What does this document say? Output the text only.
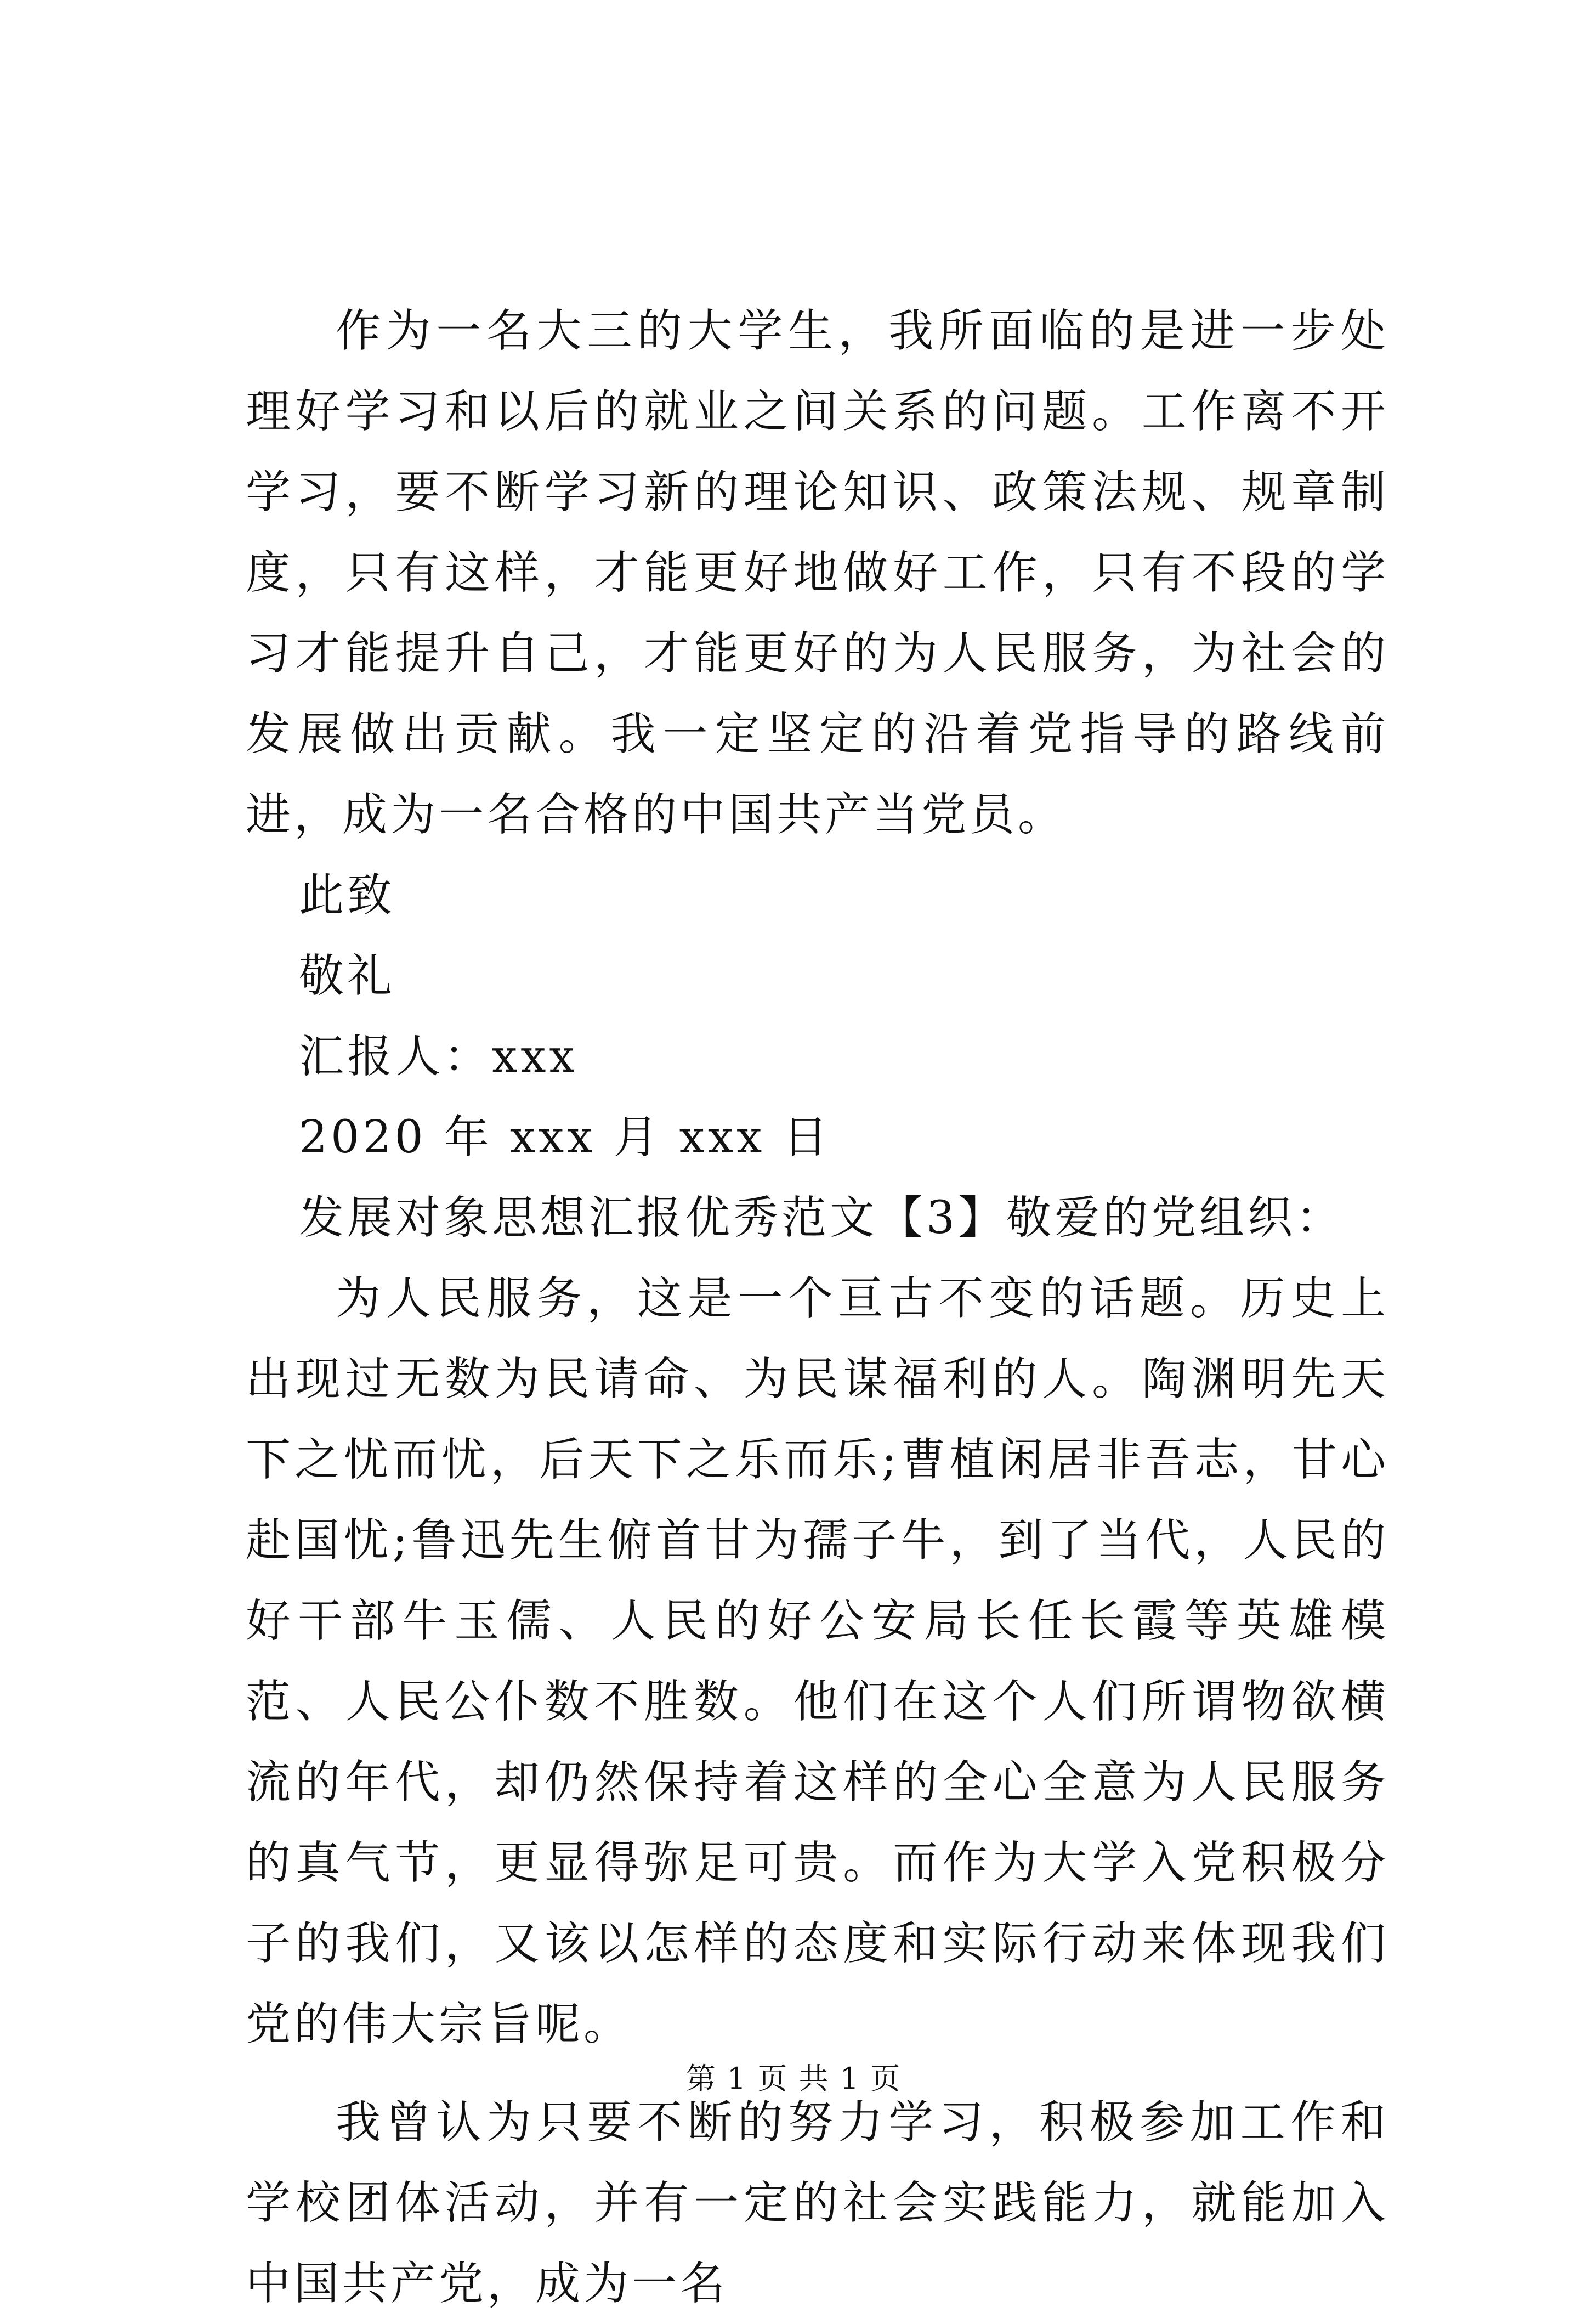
作为一名大三的大学生，我所面临的是进一步处理好学习和以后的就业之间关系的问题。工作离不开学习，要不断学习新的理论知识、政策法规、规章制度，只有这样，才能更好地做好工作，只有不段的学习才能提升自己，才能更好的为人民服务，为社会的发展做出贡献。我一定坚定的沿着党指导的路线前进，成为一名合格的中国共产当党员。

此致

敬礼

汇报人：xxx

2020 年 xxx 月 xxx 日

发展对象思想汇报优秀范文【3】敬爱的党组织：

为人民服务，这是一个亘古不变的话题。历史上出现过无数为民请命、为民谋福利的人。陶渊明先天下之忧而忧，后天下之乐而乐;曹植闲居非吾志，甘心赴国忧;鲁迅先生俯首甘为孺子牛，到了当代，人民的好干部牛玉儒、人民的好公安局长任长霞等英雄模范、人民公仆数不胜数。他们在这个人们所谓物欲横流的年代，却仍然保持着这样的全心全意为人民服务的真气节，更显得弥足可贵。而作为大学入党积极分子的我们，又该以怎样的态度和实际行动来体现我们党的伟大宗旨呢。

我曾认为只要不断的努力学习，积极参加工作和学校团体活动，并有一定的社会实践能力，就能加入中国共产党，成为一名

第 1 页 共 1 页
